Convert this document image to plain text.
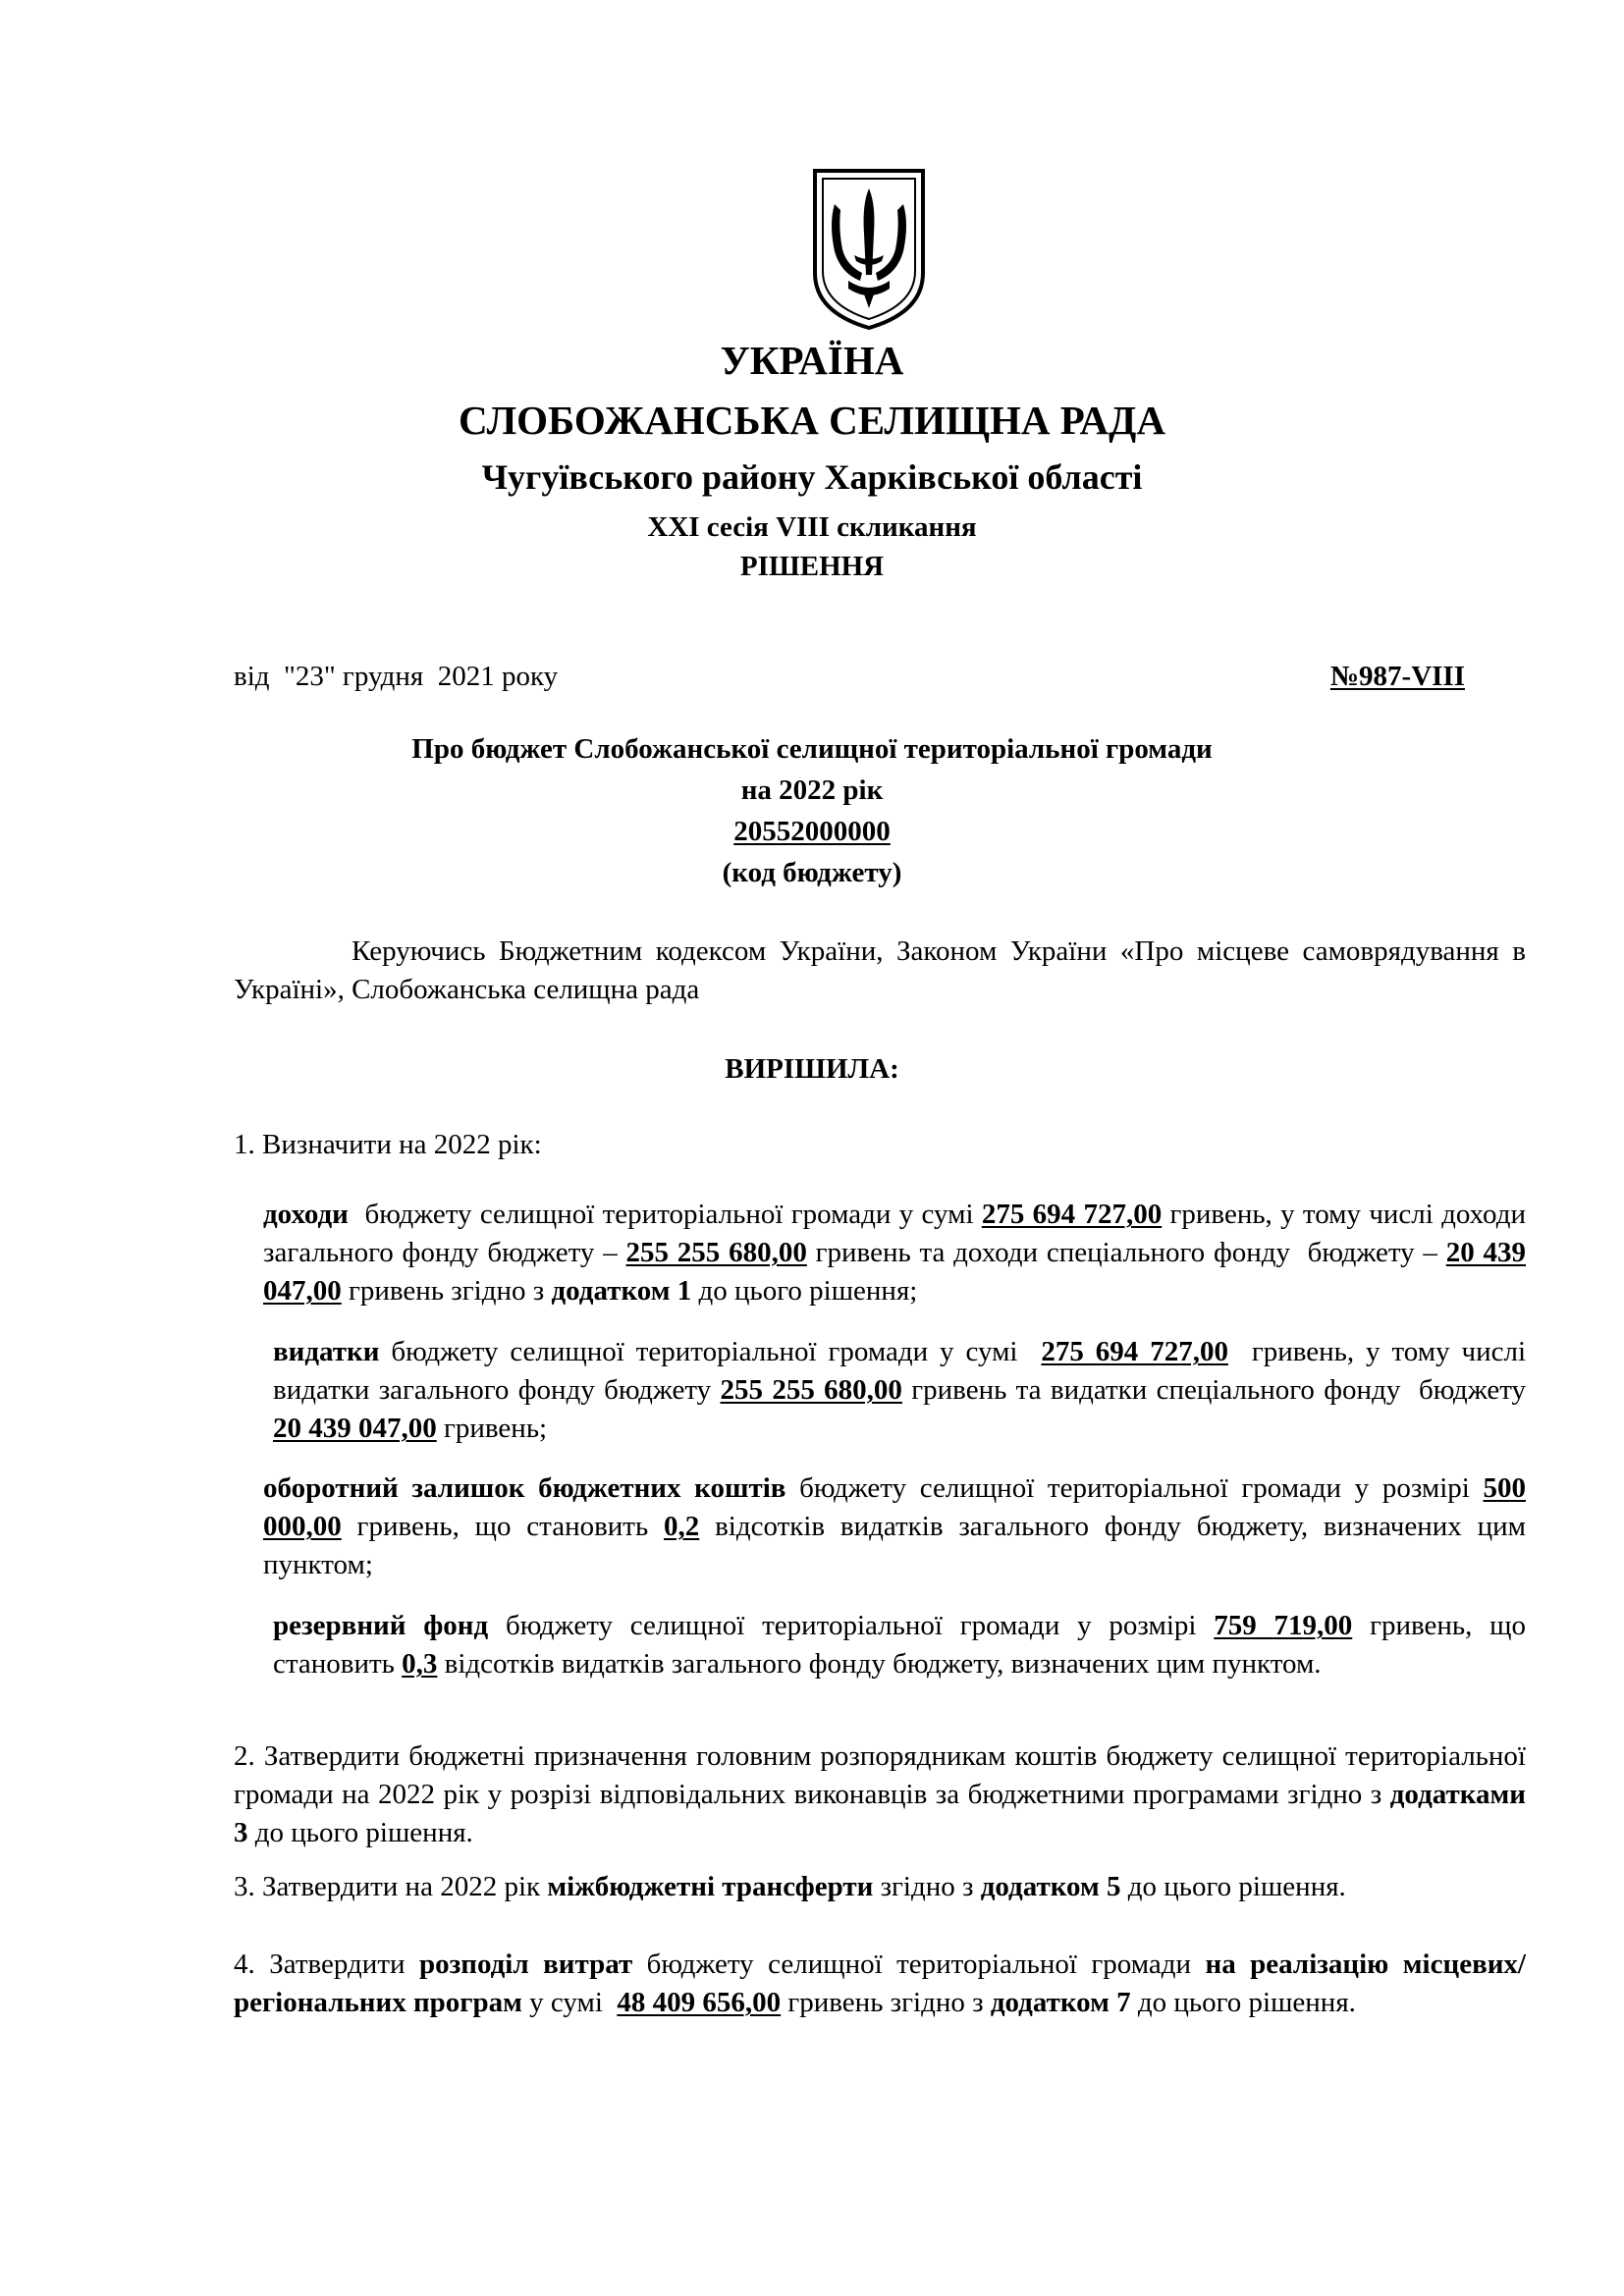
УКРАЇНА
СЛОБОЖАНСЬКА СЕЛИЩНА РАДА
Чугуївського району Харківської області
XXI сесія VIII скликання
РІШЕННЯ
від  "23" грудня  2021 року	№987-VIII
Про бюджет Слобожанської селищної територіальної громади
на 2022 рік
20552000000
(код бюджету)
Керуючись Бюджетним кодексом України, Законом України «Про місцеве самоврядування в Україні», Слобожанська селищна рада
ВИРІШИЛА:
1. Визначити на 2022 рік:
доходи  бюджету селищної територіальної громади у сумі 275 694 727,00 гривень, у тому числі доходи загального фонду бюджету – 255 255 680,00 гривень та доходи спеціального фонду  бюджету – 20 439 047,00 гривень згідно з додатком 1 до цього рішення;
видатки бюджету селищної територіальної громади у сумі  275 694 727,00  гривень, у тому числі видатки загального фонду бюджету 255 255 680,00 гривень та видатки спеціального фонду  бюджету 20 439 047,00 гривень;
оборотний залишок бюджетних коштів бюджету селищної територіальної громади у розмірі 500 000,00 гривень, що становить 0,2 відсотків видатків загального фонду бюджету, визначених цим пунктом;
резервний фонд бюджету селищної територіальної громади у розмірі 759 719,00 гривень, що становить 0,3 відсотків видатків загального фонду бюджету, визначених цим пунктом.
2. Затвердити бюджетні призначення головним розпорядникам коштів бюджету селищної територіальної громади на 2022 рік у розрізі відповідальних виконавців за бюджетними програмами згідно з додатками 3 до цього рішення.
3. Затвердити на 2022 рік міжбюджетні трансферти згідно з додатком 5 до цього рішення.
4. Затвердити розподіл витрат бюджету селищної територіальної громади на реалізацію місцевих/регіональних програм у сумі  48 409 656,00 гривень згідно з додатком 7 до цього рішення.
